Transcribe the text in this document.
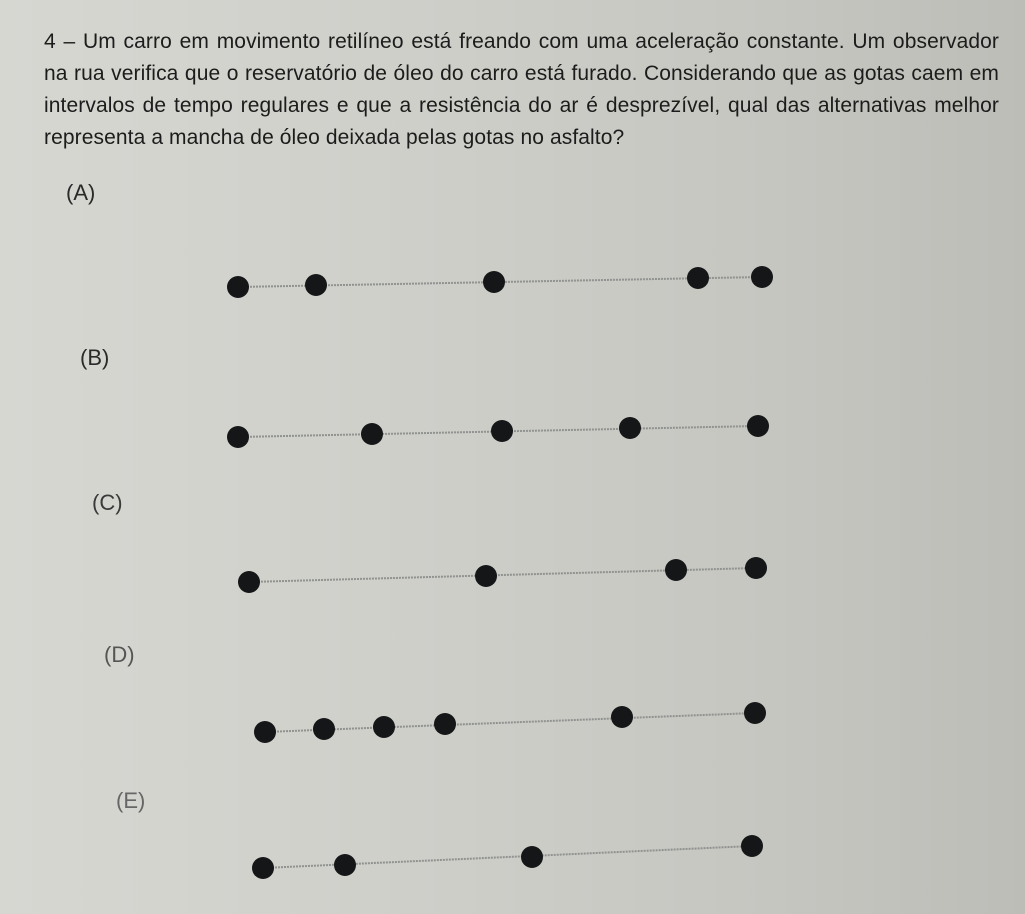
4 – Um carro em movimento retilíneo está freando com uma aceleração constante. Um observador na rua verifica que o reservatório de óleo do carro está furado. Considerando que as gotas caem em intervalos de tempo regulares e que a resistência do ar é desprezível, qual das alternativas melhor representa a mancha de óleo deixada pelas gotas no asfalto?
(A)
(B)
(C)
(D)
(E)
